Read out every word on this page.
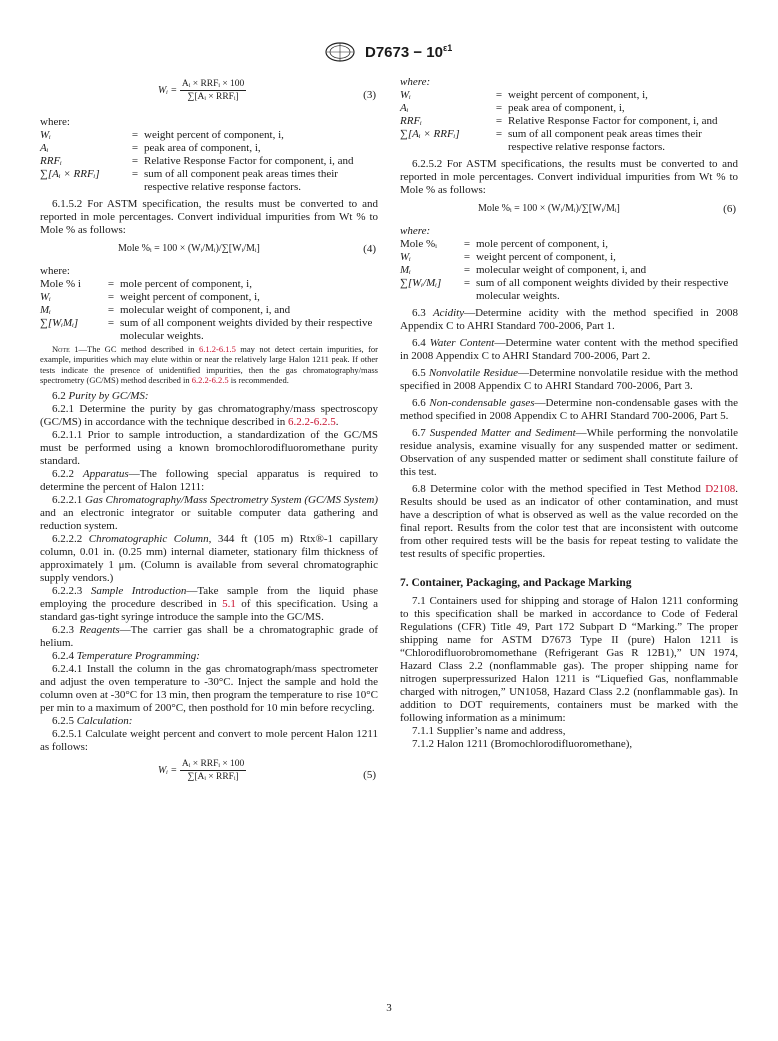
$D7673 - 10^{\varepsilon 1}$
Wᵢ = $\frac{\text{Aᵢ × RRFᵢ × 100}}{\text{∑[Aᵢ × RRFᵢ]}}$	(3)

where:

Wᵢ	=	weight percent of component, i,
Aᵢ	=	peak area of component, i,
RRFᵢ	=	Relative Response Factor for component, i, and
∑[Aᵢ × RRFᵢ]	=	sum of all component peak areas times their respective relative response factors.

6.1.5.2 For ASTM specification, the results must be converted to and reported in mole percentages. Convert individual impurities from Wt % to Mole % as follows:

Mole %ᵢ = 100 × (Wᵢ/Mᵢ)/∑[Wᵢ/Mᵢ]	(4)

where:

Mole % i	=	mole percent of component, i,
Wᵢ	=	weight percent of component, i,
Mᵢ	=	molecular weight of component, i, and
∑[WᵢMᵢ]	=	sum of all component weights divided by their respective molecular weights.

Note 1—The GC method described in 6.1.2-6.1.5 may not detect certain impurities, for example, impurities which may elute within or near the relatively large Halon 1211 peak. If other tests indicate the presence of unidentified impurities, then the gas chromatography/mass spectrometry (GC/MS) method described in 6.2.2-6.2.5 is recommended.

6.2 Purity by GC/MS:

6.2.1 Determine the purity by gas chromatography/mass spectroscopy (GC/MS) in accordance with the technique described in 6.2.2-6.2.5.

6.2.1.1 Prior to sample introduction, a standardization of the GC/MS must be performed using a known bromochlorodifluoromethane purity standard.

6.2.2 Apparatus—The following special apparatus is required to determine the percent of Halon 1211:

6.2.2.1 Gas Chromatography/Mass Spectrometry System (GC/MS System) and an electronic integrator or suitable computer data gathering and reduction system.

6.2.2.2 Chromatographic Column, 344 ft (105 m) Rtx®-1 capillary column, 0.01 in. (0.25 mm) internal diameter, stationary film thickness of approximately 1 μm. (Column is available from several chromatographic supply vendors.)

6.2.2.3 Sample Introduction—Take sample from the liquid phase employing the procedure described in 5.1 of this specification. Using a standard gas-tight syringe introduce the sample into the GC/MS.

6.2.3 Reagents—The carrier gas shall be a chromatographic grade of helium.

6.2.4 Temperature Programming:

6.2.4.1 Install the column in the gas chromatograph/mass spectrometer and adjust the oven temperature to -30°C. Inject the sample and hold the column oven at -30°C for 13 min, then program the temperature to rise 10°C per min to a maximum of 200°C, then posthold for 10 min before recycling.

6.2.5 Calculation:

6.2.5.1 Calculate weight percent and convert to mole percent Halon 1211 as follows:

Wᵢ = $\frac{\text{Aᵢ × RRFᵢ × 100}}{\text{∑[Aᵢ × RRFᵢ]}}$	(5)

where:

Wᵢ	=	weight percent of component, i,
Aᵢ	=	peak area of component, i,
RRFᵢ	=	Relative Response Factor for component, i, and
∑[Aᵢ × RRFᵢ]	=	sum of all component peak areas times their respective relative response factors.

6.2.5.2 For ASTM specifications, the results must be converted to and reported in mole percentages. Convert individual impurities from Wt % to Mole % as follows:

Mole %ᵢ = 100 × (Wᵢ/Mᵢ)/∑[Wᵢ/Mᵢ]	(6)

where:

Mole %ᵢ	=	mole percent of component, i,
Wᵢ	=	weight percent of component, i,
Mᵢ	=	molecular weight of component, i, and
∑[Wᵢ/Mᵢ]	=	sum of all component weights divided by their respective molecular weights.

6.3 Acidity—Determine acidity with the method specified in 2008 Appendix C to AHRI Standard 700-2006, Part 1.

6.4 Water Content—Determine water content with the method specified in 2008 Appendix C to AHRI Standard 700-2006, Part 2.

6.5 Nonvolatile Residue—Determine nonvolatile residue with the method specified in 2008 Appendix C to AHRI Standard 700-2006, Part 3.

6.6 Non-condensable gases—Determine non-condensable gases with the method specified in 2008 Appendix C to AHRI Standard 700-2006, Part 5.

6.7 Suspended Matter and Sediment—While performing the nonvolatile residue analysis, examine visually for any suspended matter or sediment. Observation of any suspended matter or sediment shall constitute failure of this test.

6.8 Determine color with the method specified in Test Method D2108. Results should be used as an indicator of other contamination, and must have a description of what is observed as well as the value recorded on the final report. Results from the color test that are inconsistent with outcome from other required tests will be the basis for repeat testing to validate the test results of specific properties.

7. Container, Packaging, and Package Marking

7.1 Containers used for shipping and storage of Halon 1211 conforming to this specification shall be marked in accordance to Code of Federal Regulations (CFR) Title 49, Part 172 Subpart D “Marking.” The proper shipping name for ASTM D7673 Type II (pure) Halon 1211 is “Chlorodifluorobromomethane (Refrigerant Gas R 12B1),” UN 1974, Hazard Class 2.2 (nonflammable gas). The proper shipping name for nitrogen superpressurized Halon 1211 is “Liquefied Gas, nonflammable charged with nitrogen,” UN1058, Hazard Class 2.2 (nonflammable gas). In addition to DOT requirements, containers must be marked with the following information as a minimum:

7.1.1 Supplier’s name and address,

7.1.2 Halon 1211 (Bromochlorodifluoromethane),

3
